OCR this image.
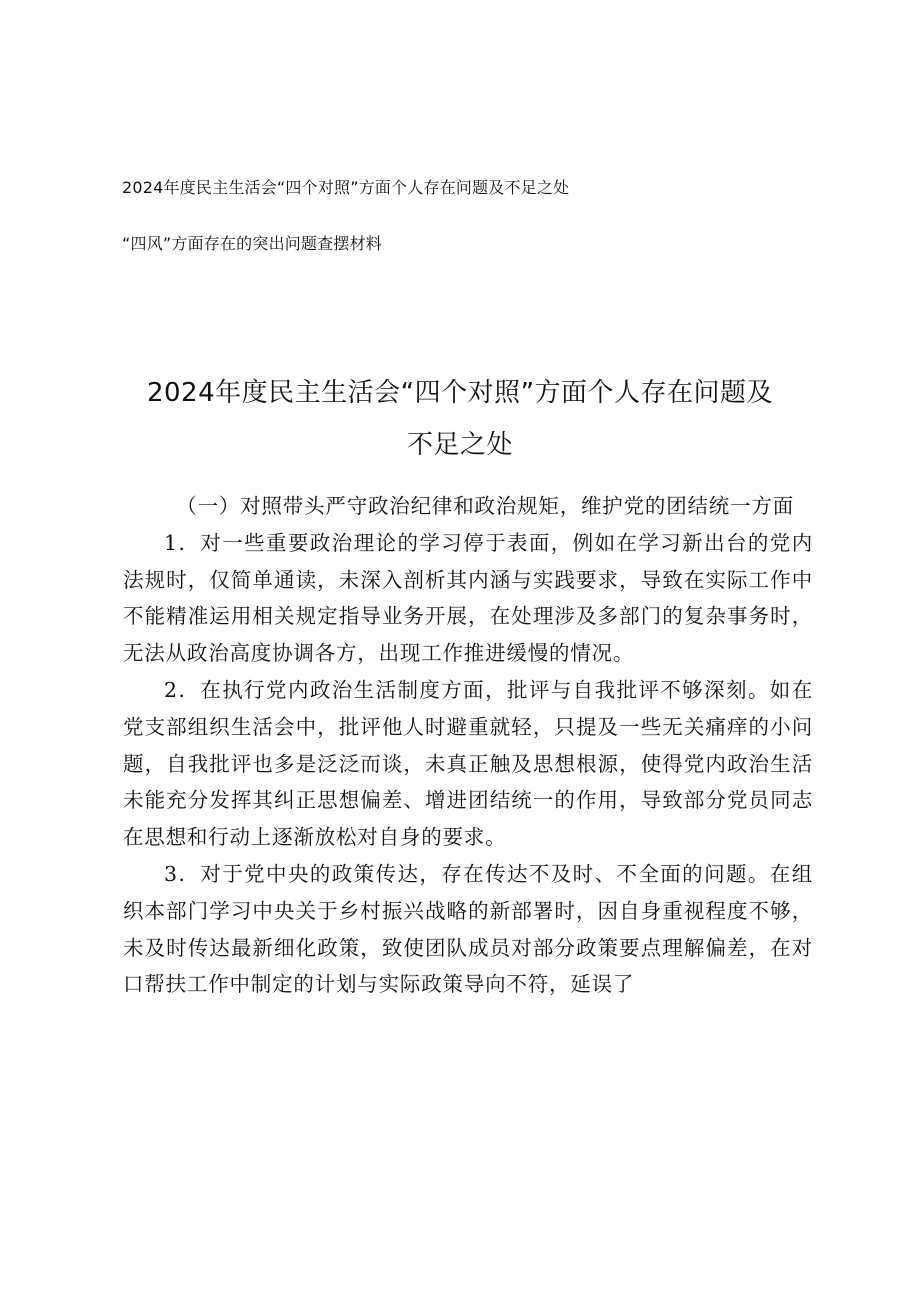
2024年度民主生活会“四个对照”方面个人存在问题及不足之处
“四风”方面存在的突出问题查摆材料
2024年度民主生活会“四个对照”方面个人存在问题及
不足之处

（一）对照带头严守政治纪律和政治规矩，维护党的团结统一方面

1．对一些重要政治理论的学习停于表面，例如在学习新出台的党内法规时，仅简单通读，未深入剖析其内涵与实践要求，导致在实际工作中不能精准运用相关规定指导业务开展，在处理涉及多部门的复杂事务时，无法从政治高度协调各方，出现工作推进缓慢的情况。

2．在执行党内政治生活制度方面，批评与自我批评不够深刻。如在党支部组织生活会中，批评他人时避重就轻，只提及一些无关痛痒的小问题，自我批评也多是泛泛而谈，未真正触及思想根源，使得党内政治生活未能充分发挥其纠正思想偏差、增进团结统一的作用，导致部分党员同志在思想和行动上逐渐放松对自身的要求。

3．对于党中央的政策传达，存在传达不及时、不全面的问题。在组织本部门学习中央关于乡村振兴战略的新部署时，因自身重视程度不够，未及时传达最新细化政策，致使团队成员对部分政策要点理解偏差，在对口帮扶工作中制定的计划与实际政策导向不符，延误了
